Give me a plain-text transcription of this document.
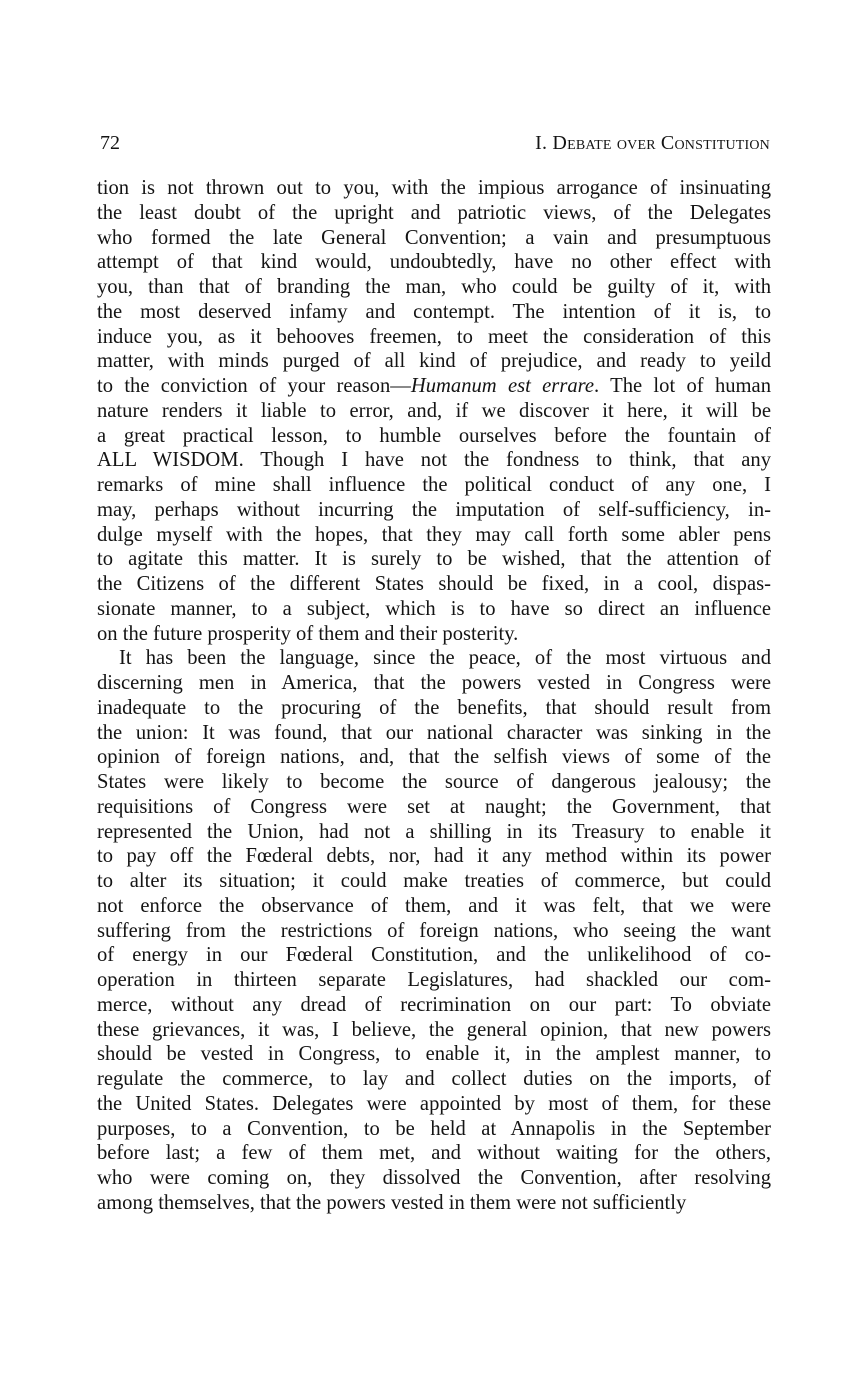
72	I. Debate over Constitution
tion is not thrown out to you, with the impious arrogance of insinuating
the least doubt of the upright and patriotic views, of the Delegates
who formed the late General Convention; a vain and presumptuous
attempt of that kind would, undoubtedly, have no other effect with
you, than that of branding the man, who could be guilty of it, with
the most deserved infamy and contempt. The intention of it is, to
induce you, as it behooves freemen, to meet the consideration of this
matter, with minds purged of all kind of prejudice, and ready to yeild
to the conviction of your reason—Humanum est errare. The lot of human
nature renders it liable to error, and, if we discover it here, it will be
a great practical lesson, to humble ourselves before the fountain of
ALL WISDOM. Though I have not the fondness to think, that any
remarks of mine shall influence the political conduct of any one, I
may, perhaps without incurring the imputation of self-sufficiency, in-
dulge myself with the hopes, that they may call forth some abler pens
to agitate this matter. It is surely to be wished, that the attention of
the Citizens of the different States should be fixed, in a cool, dispas-
sionate manner, to a subject, which is to have so direct an influence
on the future prosperity of them and their posterity.
It has been the language, since the peace, of the most virtuous and
discerning men in America, that the powers vested in Congress were
inadequate to the procuring of the benefits, that should result from
the union: It was found, that our national character was sinking in the
opinion of foreign nations, and, that the selfish views of some of the
States were likely to become the source of dangerous jealousy; the
requisitions of Congress were set at naught; the Government, that
represented the Union, had not a shilling in its Treasury to enable it
to pay off the Fœderal debts, nor, had it any method within its power
to alter its situation; it could make treaties of commerce, but could
not enforce the observance of them, and it was felt, that we were
suffering from the restrictions of foreign nations, who seeing the want
of energy in our Fœderal Constitution, and the unlikelihood of co-
operation in thirteen separate Legislatures, had shackled our com-
merce, without any dread of recrimination on our part: To obviate
these grievances, it was, I believe, the general opinion, that new powers
should be vested in Congress, to enable it, in the amplest manner, to
regulate the commerce, to lay and collect duties on the imports, of
the United States. Delegates were appointed by most of them, for these
purposes, to a Convention, to be held at Annapolis in the September
before last; a few of them met, and without waiting for the others,
who were coming on, they dissolved the Convention, after resolving
among themselves, that the powers vested in them were not sufficiently
